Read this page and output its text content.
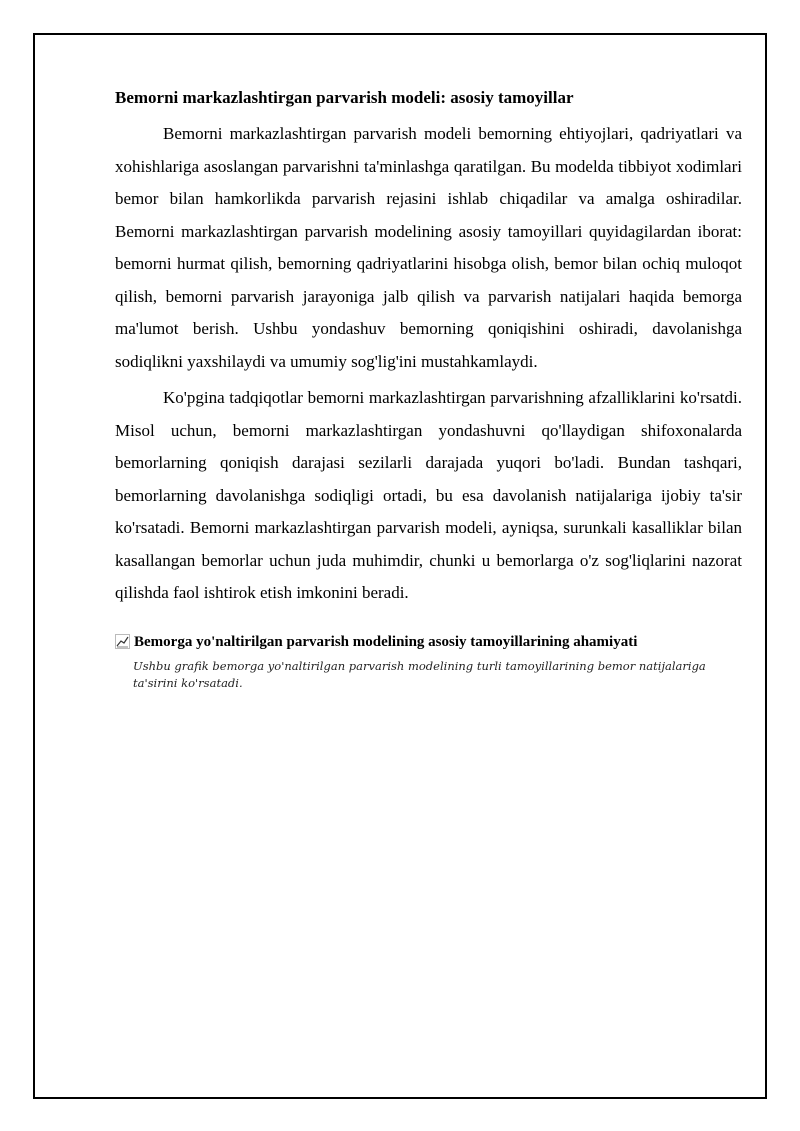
Bemorni markazlashtirgan parvarish modeli: asosiy tamoyillar

Bemorni markazlashtirgan parvarish modeli bemorning ehtiyojlari, qadriyatlari va xohishlariga asoslangan parvarishni ta'minlashga qaratilgan. Bu modelda tibbiyot xodimlari bemor bilan hamkorlikda parvarish rejasini ishlab chiqadilar va amalga oshiradilar. Bemorni markazlashtirgan parvarish modelining asosiy tamoyillari quyidagilardan iborat: bemorni hurmat qilish, bemorning qadriyatlarini hisobga olish, bemor bilan ochiq muloqot qilish, bemorni parvarish jarayoniga jalb qilish va parvarish natijalari haqida bemorga ma'lumot berish. Ushbu yondashuv bemorning qoniqishini oshiradi, davolanishga sodiqlikni yaxshilaydi va umumiy sog'lig'ini mustahkamlaydi.

Ko'pgina tadqiqotlar bemorni markazlashtirgan parvarishning afzalliklarini ko'rsatdi. Misol uchun, bemorni markazlashtirgan yondashuvni qo'llaydigan shifoxonalarda bemorlarning qoniqish darajasi sezilarli darajada yuqori bo'ladi. Bundan tashqari, bemorlarning davolanishga sodiqligi ortadi, bu esa davolanish natijalariga ijobiy ta'sir ko'rsatadi. Bemorni markazlashtirgan parvarish modeli, ayniqsa, surunkali kasalliklar bilan kasallangan bemorlar uchun juda muhimdir, chunki u bemorlarga o'z sog'liqlarini nazorat qilishda faol ishtirok etish imkonini beradi.

Bemorga yo'naltirilgan parvarish modelining asosiy tamoyillarining ahamiyati
Ushbu grafik bemorga yo'naltirilgan parvarish modelining turli tamoyillarining bemor natijalariga ta'sirini ko'rsatadi.
